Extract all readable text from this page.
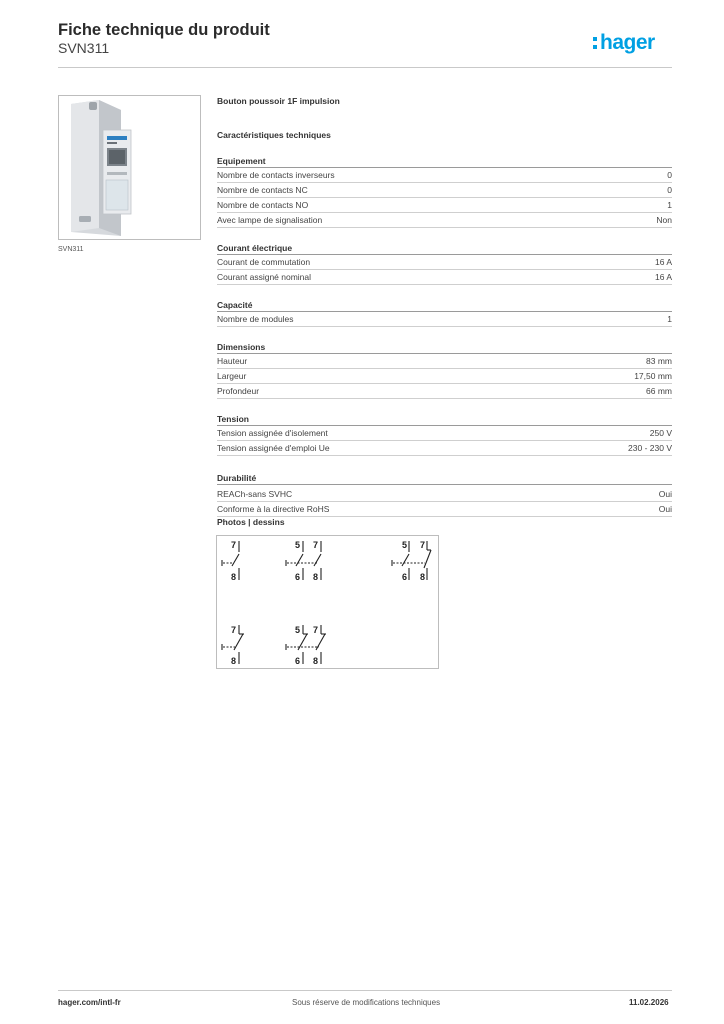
Fiche technique du produit
SVN311	hager
SVN311
Bouton poussoir 1F impulsion
Caractéristiques techniques
Equipement
Nombre de contacts inverseurs	0
Nombre de contacts NC	0
Nombre de contacts NO	1
Avec lampe de signalisation	Non
Courant électrique
Courant de commutation	16 A
Courant assigné nominal	16 A
Capacité
Nombre de modules	1
Dimensions
Hauteur	83 mm
Largeur	17,50 mm
Profondeur	66 mm
Tension
Tension assignée d'isolement	250 V
Tension assignée d'emploi Ue	230 - 230 V
Durabilité
REACh-sans SVHC	Oui
Conforme à la directive RoHS	Oui
Photos | dessins
7
8
5 7
6 8
5 7
6 8
7
8
5 7
6 8
hager.com/intl-fr	Sous réserve de modifications techniques	11.02.2026
